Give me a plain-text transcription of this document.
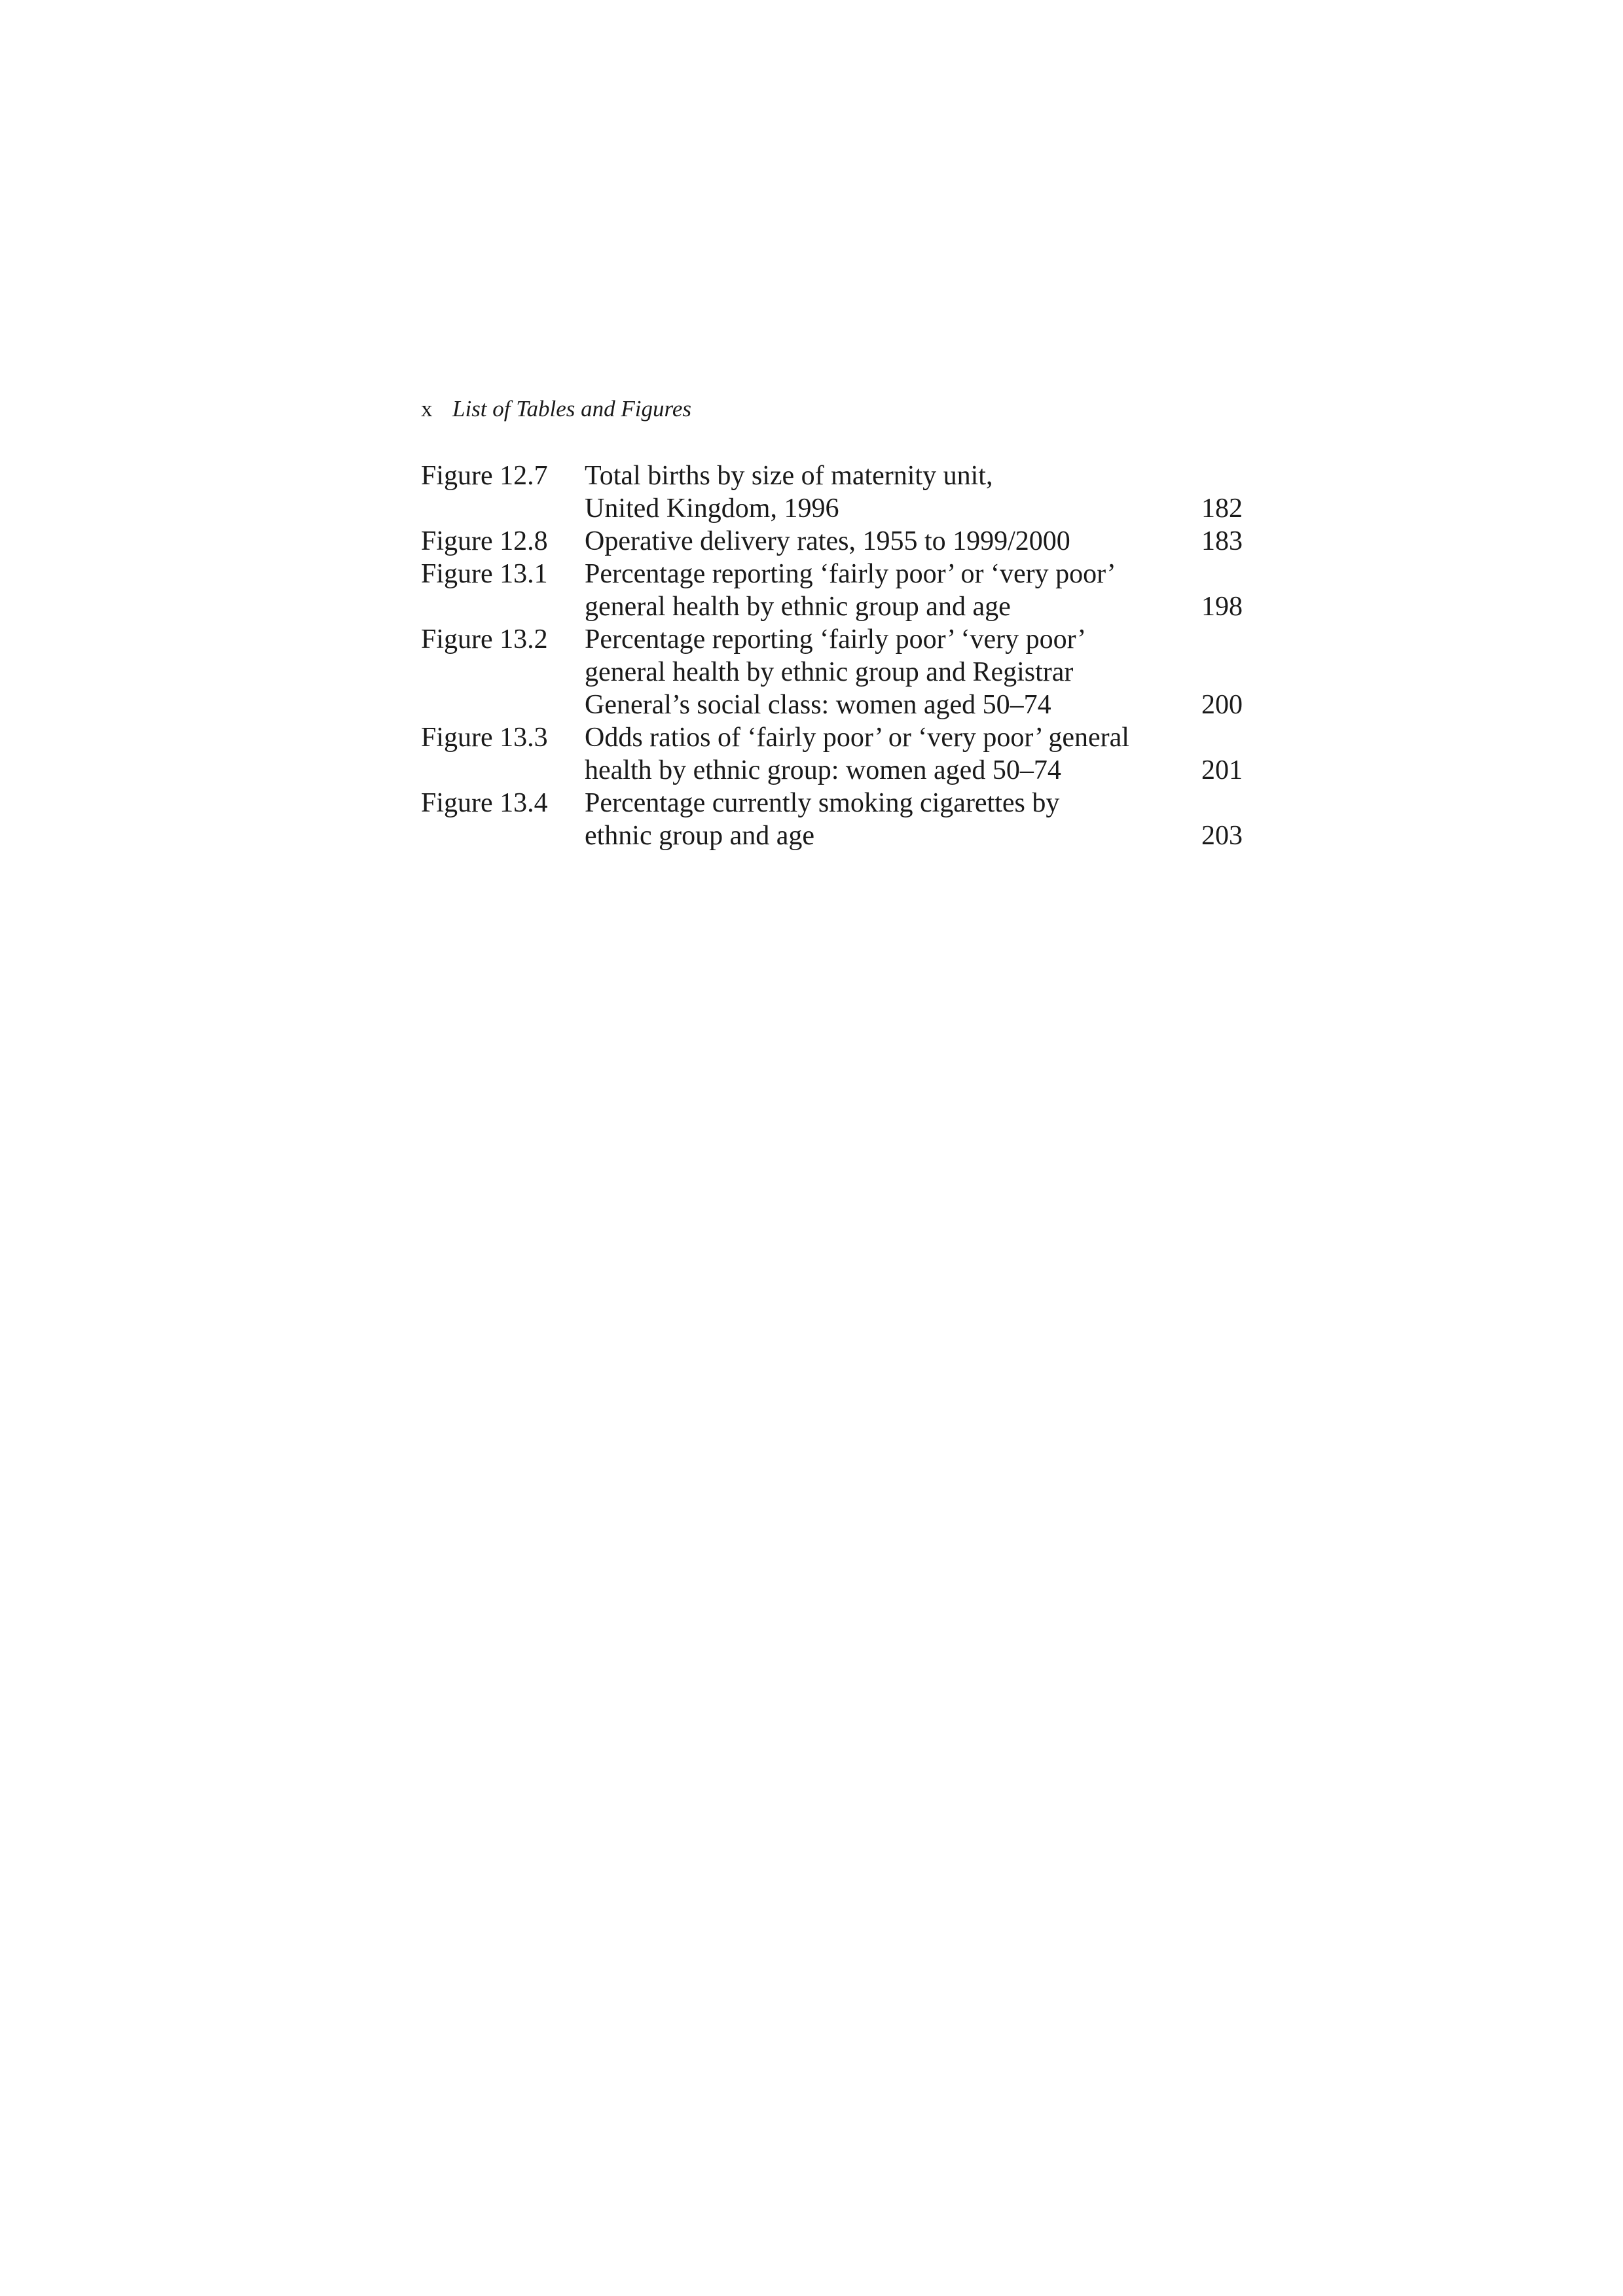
x List of Tables and Figures
Figure 12.7	Total births by size of maternity unit,
United Kingdom, 1996	182
Figure 12.8	Operative delivery rates, 1955 to 1999/2000	183
Figure 13.1	Percentage reporting ‘fairly poor’ or ‘very poor’
general health by ethnic group and age	198
Figure 13.2	Percentage reporting ‘fairly poor’ ‘very poor’
general health by ethnic group and Registrar
General’s social class: women aged 50–74	200
Figure 13.3	Odds ratios of ‘fairly poor’ or ‘very poor’ general
health by ethnic group: women aged 50–74	201
Figure 13.4	Percentage currently smoking cigarettes by
ethnic group and age	203
